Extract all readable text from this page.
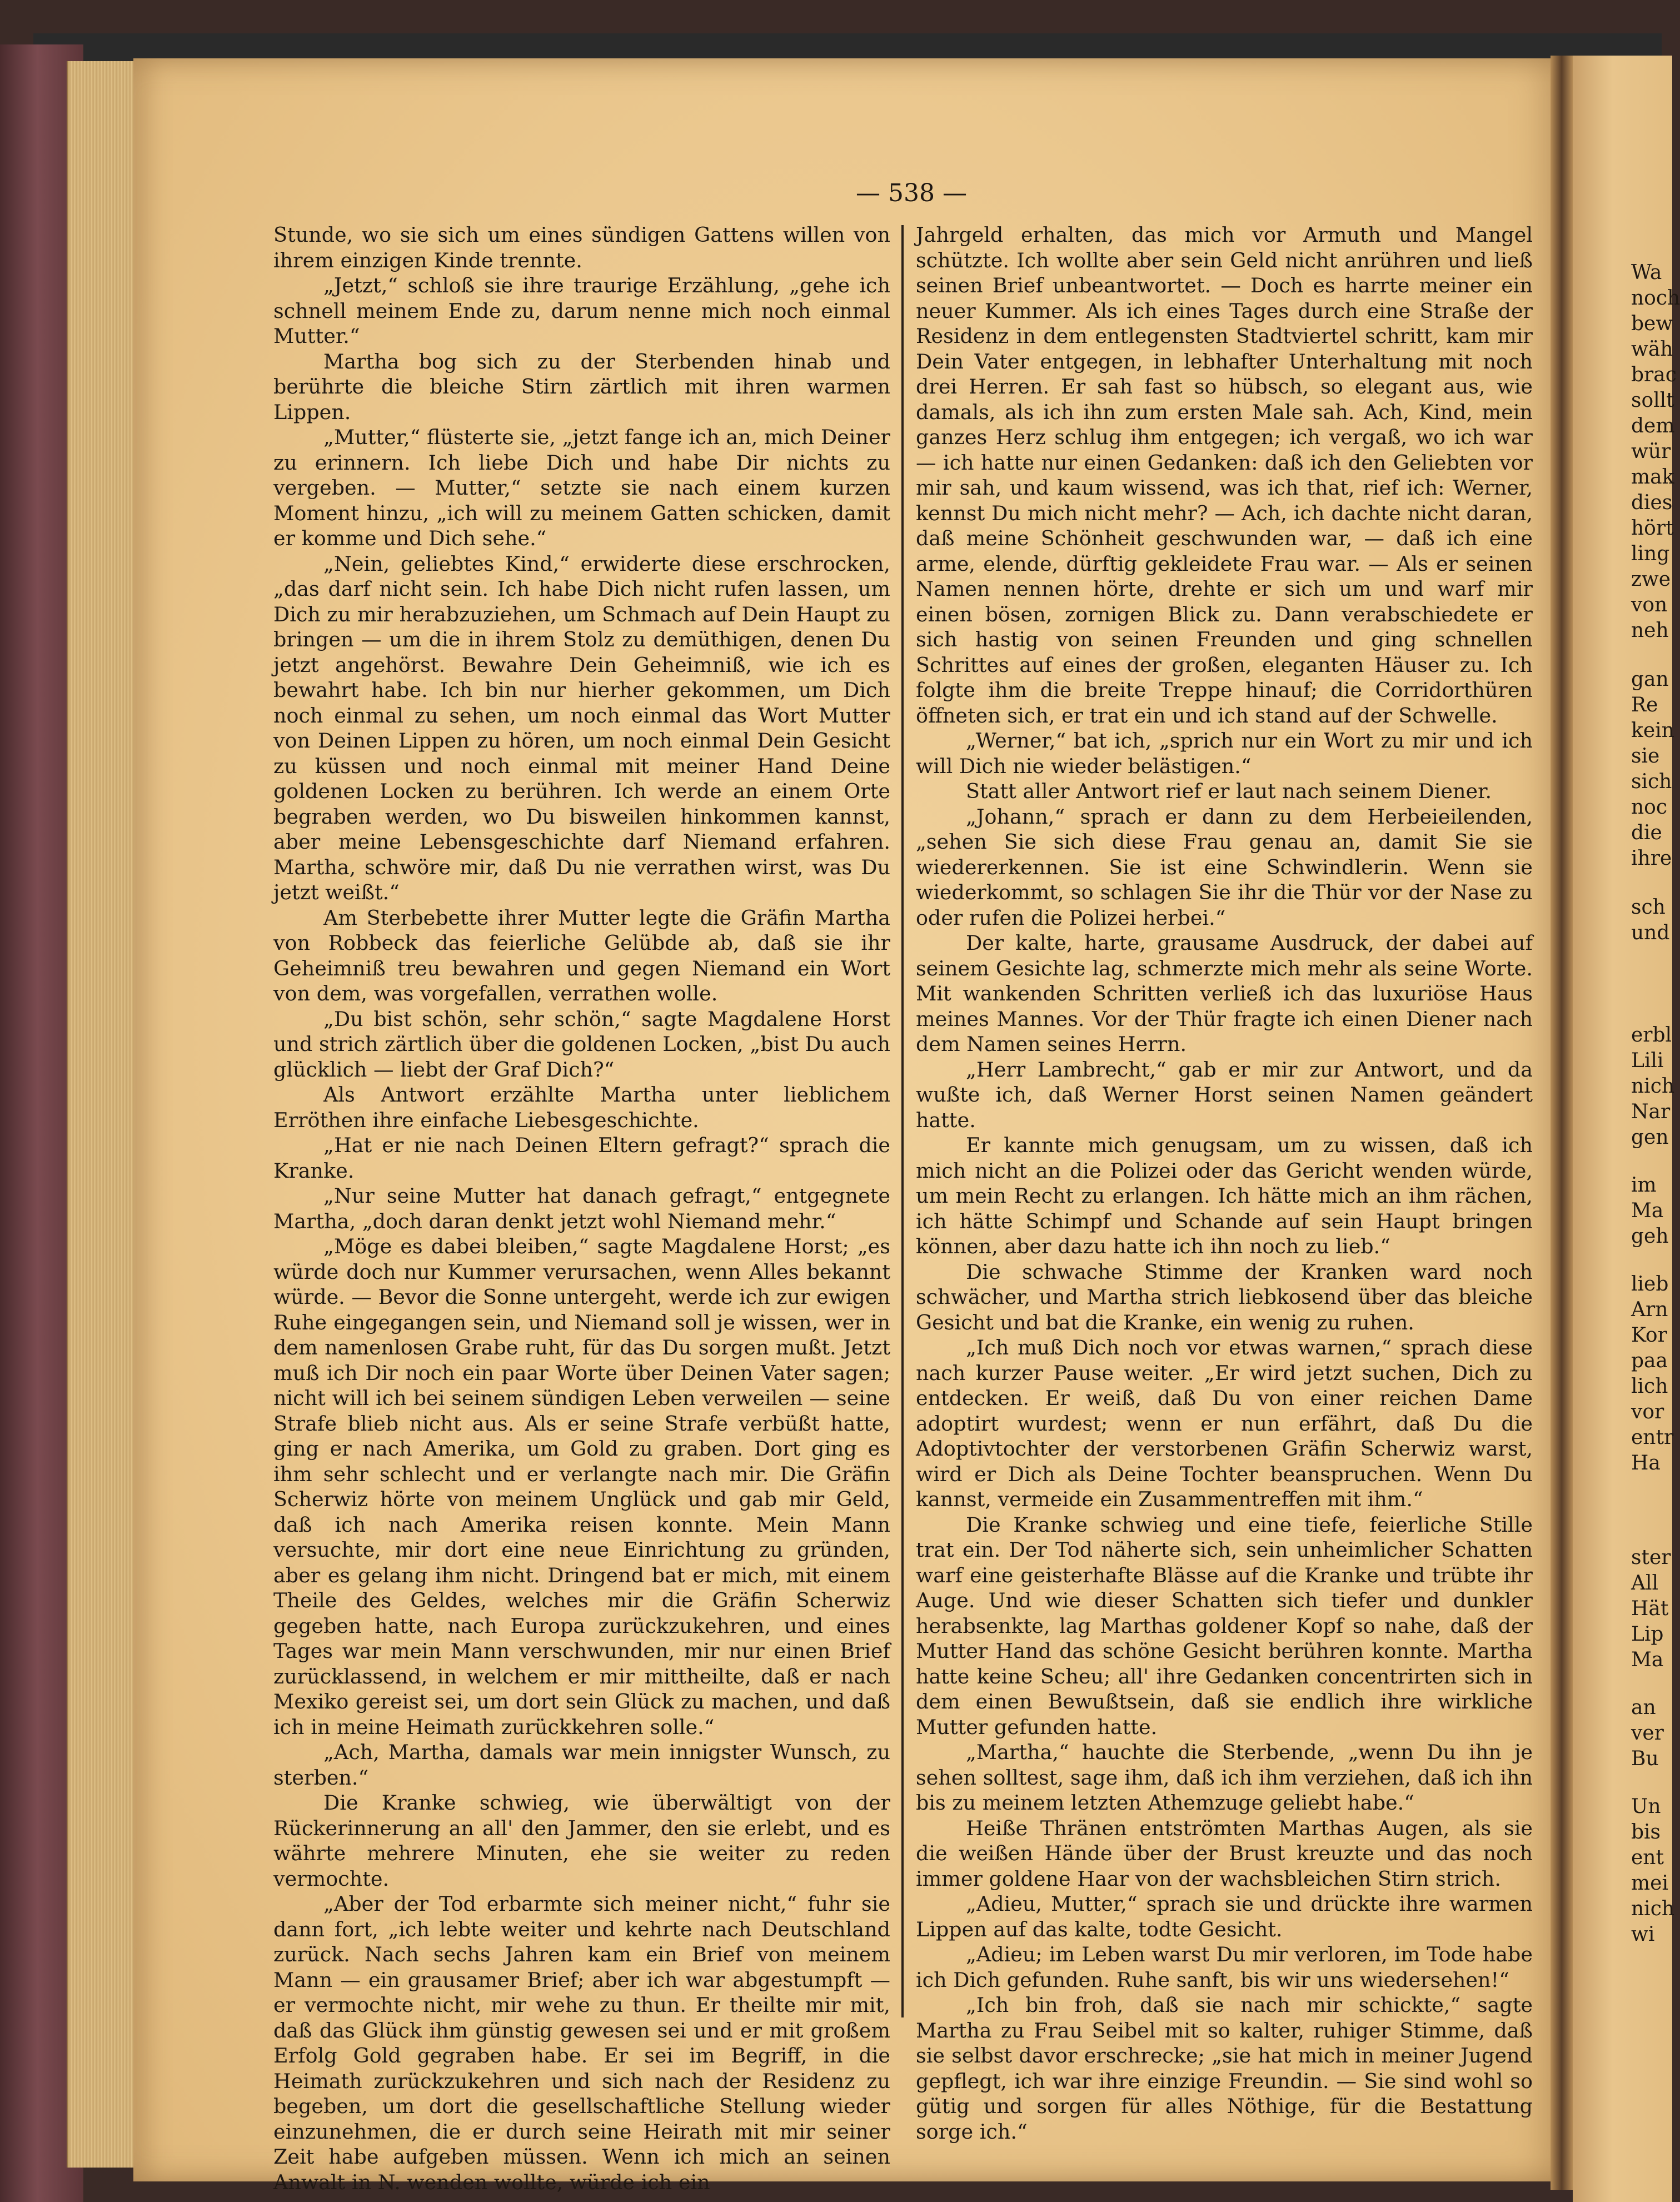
— 538 —

Stunde, wo sie sich um eines sündigen Gattens willen von ihrem einzigen Kinde trennte.

„Jetzt,“ schloß sie ihre traurige Erzählung, „gehe ich schnell meinem Ende zu, darum nenne mich noch einmal Mutter.“

Martha bog sich zu der Sterbenden hinab und berührte die bleiche Stirn zärtlich mit ihren warmen Lippen.

„Mutter,“ flüsterte sie, „jetzt fange ich an, mich Deiner zu erinnern. Ich liebe Dich und habe Dir nichts zu vergeben. — Mutter,“ setzte sie nach einem kurzen Moment hinzu, „ich will zu meinem Gatten schicken, damit er komme und Dich sehe.“

„Nein, geliebtes Kind,“ erwiderte diese erschrocken, „das darf nicht sein. Ich habe Dich nicht rufen lassen, um Dich zu mir herabzuziehen, um Schmach auf Dein Haupt zu bringen — um die in ihrem Stolz zu demüthigen, denen Du jetzt angehörst. Bewahre Dein Geheimniß, wie ich es bewahrt habe. Ich bin nur hierher gekommen, um Dich noch einmal zu sehen, um noch einmal das Wort Mutter von Deinen Lippen zu hören, um noch einmal Dein Gesicht zu küssen und noch einmal mit meiner Hand Deine goldenen Locken zu berühren. Ich werde an einem Orte begraben werden, wo Du bisweilen hinkommen kannst, aber meine Lebensgeschichte darf Niemand erfahren. Martha, schwöre mir, daß Du nie verrathen wirst, was Du jetzt weißt.“

Am Sterbebette ihrer Mutter legte die Gräfin Martha von Robbeck das feierliche Gelübde ab, daß sie ihr Geheimniß treu bewahren und gegen Niemand ein Wort von dem, was vorgefallen, verrathen wolle.

„Du bist schön, sehr schön,“ sagte Magdalene Horst und strich zärtlich über die goldenen Locken, „bist Du auch glücklich — liebt der Graf Dich?“

Als Antwort erzählte Martha unter lieblichem Erröthen ihre einfache Liebesgeschichte.

„Hat er nie nach Deinen Eltern gefragt?“ sprach die Kranke.

„Nur seine Mutter hat danach gefragt,“ entgegnete Martha, „doch daran denkt jetzt wohl Niemand mehr.“

„Möge es dabei bleiben,“ sagte Magdalene Horst; „es würde doch nur Kummer verursachen, wenn Alles bekannt würde. — Bevor die Sonne untergeht, werde ich zur ewigen Ruhe eingegangen sein, und Niemand soll je wissen, wer in dem namenlosen Grabe ruht, für das Du sorgen mußt. Jetzt muß ich Dir noch ein paar Worte über Deinen Vater sagen; nicht will ich bei seinem sündigen Leben verweilen — seine Strafe blieb nicht aus. Als er seine Strafe verbüßt hatte, ging er nach Amerika, um Gold zu graben. Dort ging es ihm sehr schlecht und er verlangte nach mir. Die Gräfin Scherwiz hörte von meinem Unglück und gab mir Geld, daß ich nach Amerika reisen konnte. Mein Mann versuchte, mir dort eine neue Einrichtung zu gründen, aber es gelang ihm nicht. Dringend bat er mich, mit einem Theile des Geldes, welches mir die Gräfin Scherwiz gegeben hatte, nach Europa zurückzukehren, und eines Tages war mein Mann verschwunden, mir nur einen Brief zurücklassend, in welchem er mir mittheilte, daß er nach Mexiko gereist sei, um dort sein Glück zu machen, und daß ich in meine Heimath zurückkehren solle.“

„Ach, Martha, damals war mein innigster Wunsch, zu sterben.“

Die Kranke schwieg, wie überwältigt von der Rückerinnerung an all' den Jammer, den sie erlebt, und es währte mehrere Minuten, ehe sie weiter zu reden vermochte.

„Aber der Tod erbarmte sich meiner nicht,“ fuhr sie dann fort, „ich lebte weiter und kehrte nach Deutschland zurück. Nach sechs Jahren kam ein Brief von meinem Mann — ein grausamer Brief; aber ich war abgestumpft — er vermochte nicht, mir wehe zu thun. Er theilte mir mit, daß das Glück ihm günstig gewesen sei und er mit großem Erfolg Gold gegraben habe. Er sei im Begriff, in die Heimath zurückzukehren und sich nach der Residenz zu begeben, um dort die gesellschaftliche Stellung wieder einzunehmen, die er durch seine Heirath mit mir seiner Zeit habe aufgeben müssen. Wenn ich mich an seinen Anwalt in N. wenden wollte, würde ich ein

Jahrgeld erhalten, das mich vor Armuth und Mangel schützte. Ich wollte aber sein Geld nicht anrühren und ließ seinen Brief unbeantwortet. — Doch es harrte meiner ein neuer Kummer. Als ich eines Tages durch eine Straße der Residenz in dem entlegensten Stadtviertel schritt, kam mir Dein Vater entgegen, in lebhafter Unterhaltung mit noch drei Herren. Er sah fast so hübsch, so elegant aus, wie damals, als ich ihn zum ersten Male sah. Ach, Kind, mein ganzes Herz schlug ihm entgegen; ich vergaß, wo ich war — ich hatte nur einen Gedanken: daß ich den Geliebten vor mir sah, und kaum wissend, was ich that, rief ich: Werner, kennst Du mich nicht mehr? — Ach, ich dachte nicht daran, daß meine Schönheit geschwunden war, — daß ich eine arme, elende, dürftig gekleidete Frau war. — Als er seinen Namen nennen hörte, drehte er sich um und warf mir einen bösen, zornigen Blick zu. Dann verabschiedete er sich hastig von seinen Freunden und ging schnellen Schrittes auf eines der großen, eleganten Häuser zu. Ich folgte ihm die breite Treppe hinauf; die Corridorthüren öffneten sich, er trat ein und ich stand auf der Schwelle.

„Werner,“ bat ich, „sprich nur ein Wort zu mir und ich will Dich nie wieder belästigen.“

Statt aller Antwort rief er laut nach seinem Diener.

„Johann,“ sprach er dann zu dem Herbeieilenden, „sehen Sie sich diese Frau genau an, damit Sie sie wiedererkennen. Sie ist eine Schwindlerin. Wenn sie wiederkommt, so schlagen Sie ihr die Thür vor der Nase zu oder rufen die Polizei herbei.“

Der kalte, harte, grausame Ausdruck, der dabei auf seinem Gesichte lag, schmerzte mich mehr als seine Worte. Mit wankenden Schritten verließ ich das luxuriöse Haus meines Mannes. Vor der Thür fragte ich einen Diener nach dem Namen seines Herrn.

„Herr Lambrecht,“ gab er mir zur Antwort, und da wußte ich, daß Werner Horst seinen Namen geändert hatte.

Er kannte mich genugsam, um zu wissen, daß ich mich nicht an die Polizei oder das Gericht wenden würde, um mein Recht zu erlangen. Ich hätte mich an ihm rächen, ich hätte Schimpf und Schande auf sein Haupt bringen können, aber dazu hatte ich ihn noch zu lieb.“

Die schwache Stimme der Kranken ward noch schwächer, und Martha strich liebkosend über das bleiche Gesicht und bat die Kranke, ein wenig zu ruhen.

„Ich muß Dich noch vor etwas warnen,“ sprach diese nach kurzer Pause weiter. „Er wird jetzt suchen, Dich zu entdecken. Er weiß, daß Du von einer reichen Dame adoptirt wurdest; wenn er nun erfährt, daß Du die Adoptivtochter der verstorbenen Gräfin Scherwiz warst, wird er Dich als Deine Tochter beanspruchen. Wenn Du kannst, vermeide ein Zusammentreffen mit ihm.“

Die Kranke schwieg und eine tiefe, feierliche Stille trat ein. Der Tod näherte sich, sein unheimlicher Schatten warf eine geisterhafte Blässe auf die Kranke und trübte ihr Auge. Und wie dieser Schatten sich tiefer und dunkler herabsenkte, lag Marthas goldener Kopf so nahe, daß der Mutter Hand das schöne Gesicht berühren konnte. Martha hatte keine Scheu; all' ihre Gedanken concentrirten sich in dem einen Bewußtsein, daß sie endlich ihre wirkliche Mutter gefunden hatte.

„Martha,“ hauchte die Sterbende, „wenn Du ihn je sehen solltest, sage ihm, daß ich ihm verziehen, daß ich ihn bis zu meinem letzten Athemzuge geliebt habe.“

Heiße Thränen entströmten Marthas Augen, als sie die weißen Hände über der Brust kreuzte und das noch immer goldene Haar von der wachsbleichen Stirn strich.

„Adieu, Mutter,“ sprach sie und drückte ihre warmen Lippen auf das kalte, todte Gesicht.

„Adieu; im Leben warst Du mir verloren, im Tode habe ich Dich gefunden. Ruhe sanft, bis wir uns wiedersehen!“

„Ich bin froh, daß sie nach mir schickte,“ sagte Martha zu Frau Seibel mit so kalter, ruhiger Stimme, daß sie selbst davor erschrecke; „sie hat mich in meiner Jugend gepflegt, ich war ihre einzige Freundin. — Sie sind wohl so gütig und sorgen für alles Nöthige, für die Bestattung sorge ich.“

Wa
noch
bew
wäh
brac
sollt
dem
wür
mak
dies
hört
ling
zwe
von
neh
gan
Re
kein
sie
sich
noc
die
ihre
sch
und
erbl
Lili
nich
Nar
gen
im
Ma
geh
lieb
Arn
Kor
paa
lich
vor
entr
Ha
ster
All
Hät
Lip
Ma
an
ver
Bu
Un
bis
ent
mei
nich
wi
